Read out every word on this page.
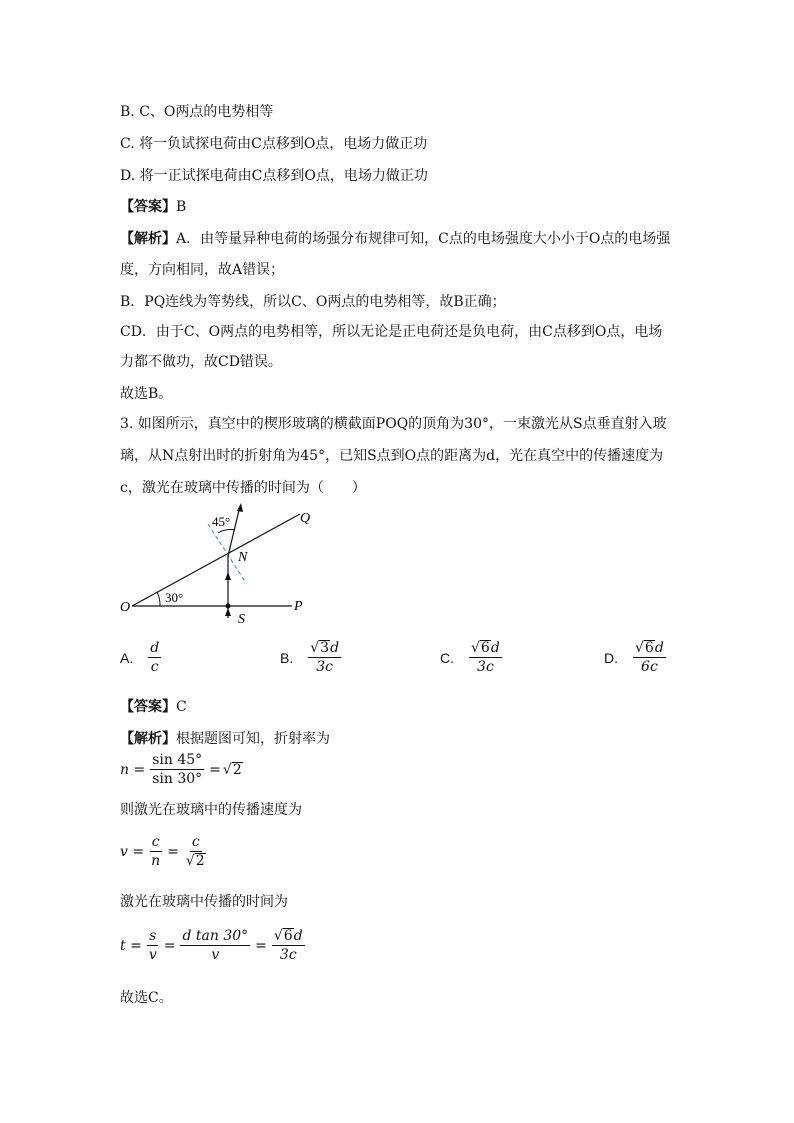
B. C、O两点的电势相等
C. 将一负试探电荷由C点移到O点，电场力做正功
D. 将一正试探电荷由C点移到O点，电场力做正功
【答案】B
【解析】A．由等量异种电荷的场强分布规律可知，C点的电场强度大小小于O点的电场强
度，方向相同，故A错误；
B．PQ连线为等势线，所以C、O两点的电势相等，故B正确；
CD．由于C、O两点的电势相等，所以无论是正电荷还是负电荷，由C点移到O点，电场
力都不做功，故CD错误。
故选B。
3. 如图所示，真空中的楔形玻璃的横截面POQ的顶角为30°，一束激光从S点垂直射入玻
璃，从N点射出时的折射角为45°，已知S点到O点的距离为d，光在真空中的传播速度为
c，激光在玻璃中传播的时间为（　　）
O
30°
P
Q
N
S
45°
A. $\frac{d}{c}$	B. $\frac{√ 3 d}{3c}$	C. $\frac{√ 6 d}{3c}$	D. $\frac{√ 6 d}{6c}$
【答案】C
【解析】根据题图可知，折射率为
$n = \frac{\sin 45^\circ}{\sin 30^\circ}$ = √ 2
则激光在玻璃中的传播速度为
$v = \frac{c}{n} = \frac{c}{√ 2}$
激光在玻璃中传播的时间为
$t = \frac{s}{v} = \frac{\text{d tan 30°}}{v} = \frac{√ 6 d}{3c}$
故选C。
